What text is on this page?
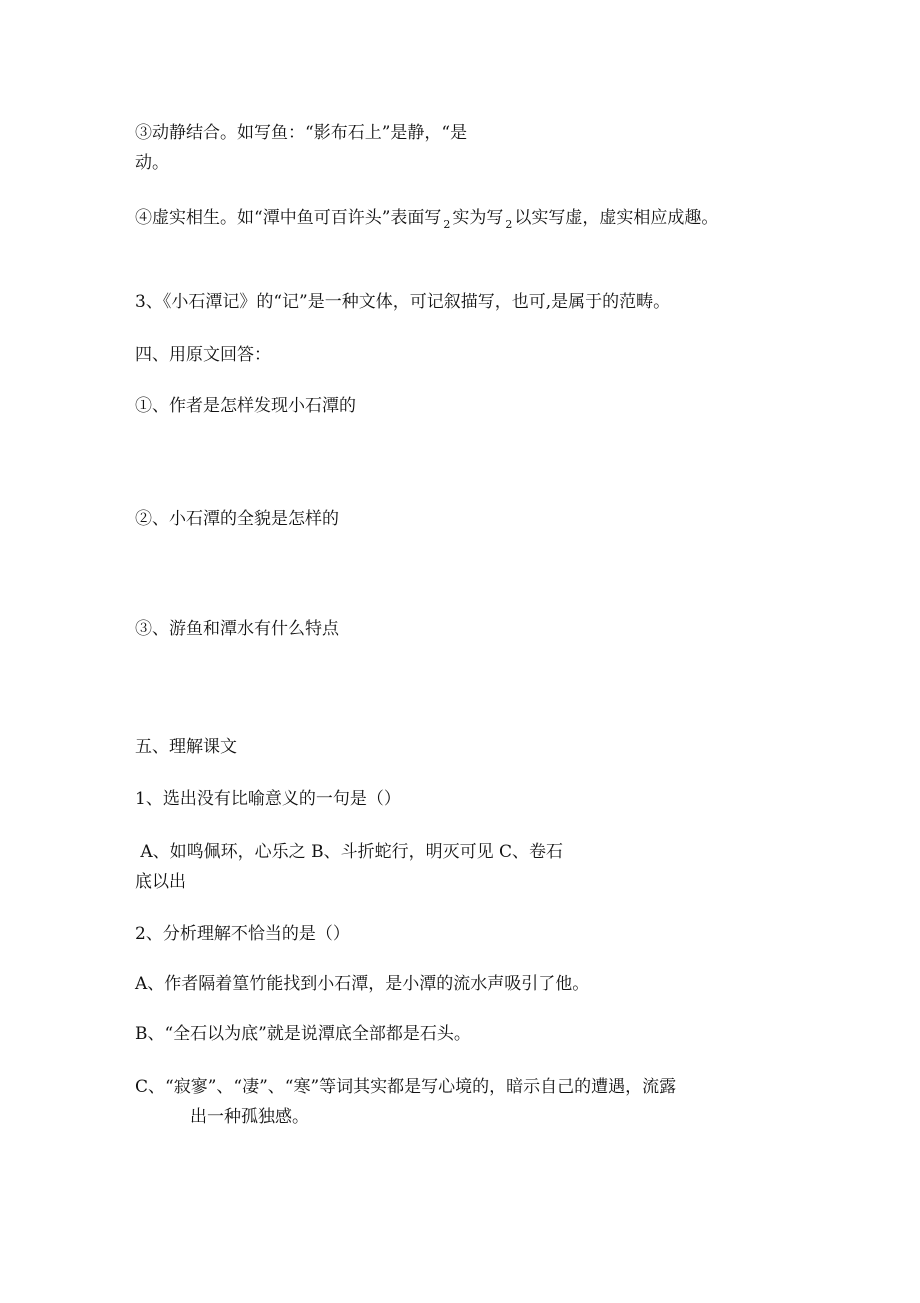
③动静结合。如写鱼：“影布石上”是静，“是
动。
④虚实相生。如“潭中鱼可百许头”表面写 $_2$ 实为写 $_2$ 以实写虚，虚实相应成趣。
3、《小石潭记》的“记”是一种文体，可记叙描写，也可,是属于的范畴。
四、用原文回答：
①、作者是怎样发现小石潭的
②、小石潭的全貌是怎样的
③、游鱼和潭水有什么特点
五、理解课文
1、选出没有比喻意义的一句是（）
A、如鸣佩环，心乐之 B、斗折蛇行，明灭可见 C、卷石
底以出
2、分析理解不恰当的是（）
A、作者隔着篁竹能找到小石潭，是小潭的流水声吸引了他。
B、“全石以为底”就是说潭底全部都是石头。
C、“寂寥”、“凄”、“寒”等词其实都是写心境的，暗示自己的遭遇，流露
出一种孤独感。
